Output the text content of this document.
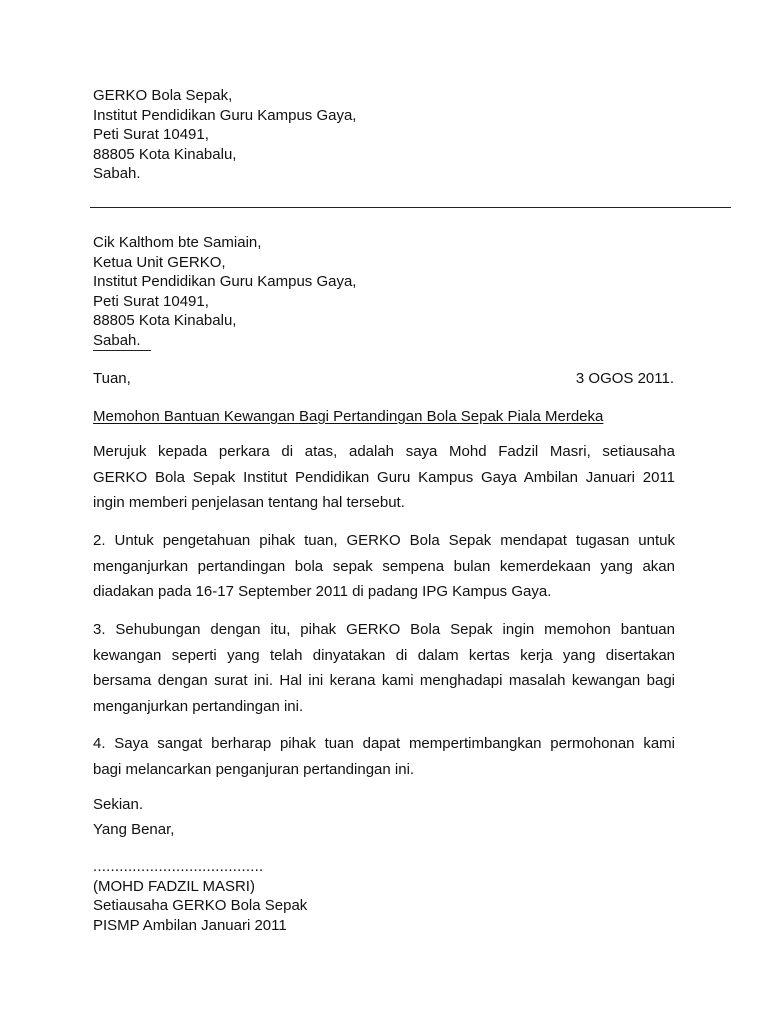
GERKO Bola Sepak,
Institut Pendidikan Guru Kampus Gaya,
Peti Surat 10491,
88805 Kota Kinabalu,
Sabah.
Cik Kalthom bte Samiain,
Ketua Unit GERKO,
Institut Pendidikan Guru Kampus Gaya,
Peti Surat 10491,
88805 Kota Kinabalu,
Sabah.
Tuan,	3 OGOS 2011.
Memohon Bantuan Kewangan Bagi Pertandingan Bola Sepak Piala Merdeka
Merujuk kepada perkara di atas, adalah saya Mohd Fadzil Masri, setiausaha
GERKO Bola Sepak Institut Pendidikan Guru Kampus Gaya Ambilan Januari 2011
ingin memberi penjelasan tentang hal tersebut.
2. Untuk pengetahuan pihak tuan, GERKO Bola Sepak mendapat tugasan untuk
menganjurkan pertandingan bola sepak sempena bulan kemerdekaan yang akan
diadakan pada 16-17 September 2011 di padang IPG Kampus Gaya.
3. Sehubungan dengan itu, pihak GERKO Bola Sepak ingin memohon bantuan
kewangan seperti yang telah dinyatakan di dalam kertas kerja yang disertakan
bersama dengan surat ini. Hal ini kerana kami menghadapi masalah kewangan bagi
menganjurkan pertandingan ini.
4. Saya sangat berharap pihak tuan dapat mempertimbangkan permohonan kami
bagi melancarkan penganjuran pertandingan ini.
Sekian.
Yang Benar,
.......................................
(MOHD FADZIL MASRI)
Setiausaha GERKO Bola Sepak
PISMP Ambilan Januari 2011
